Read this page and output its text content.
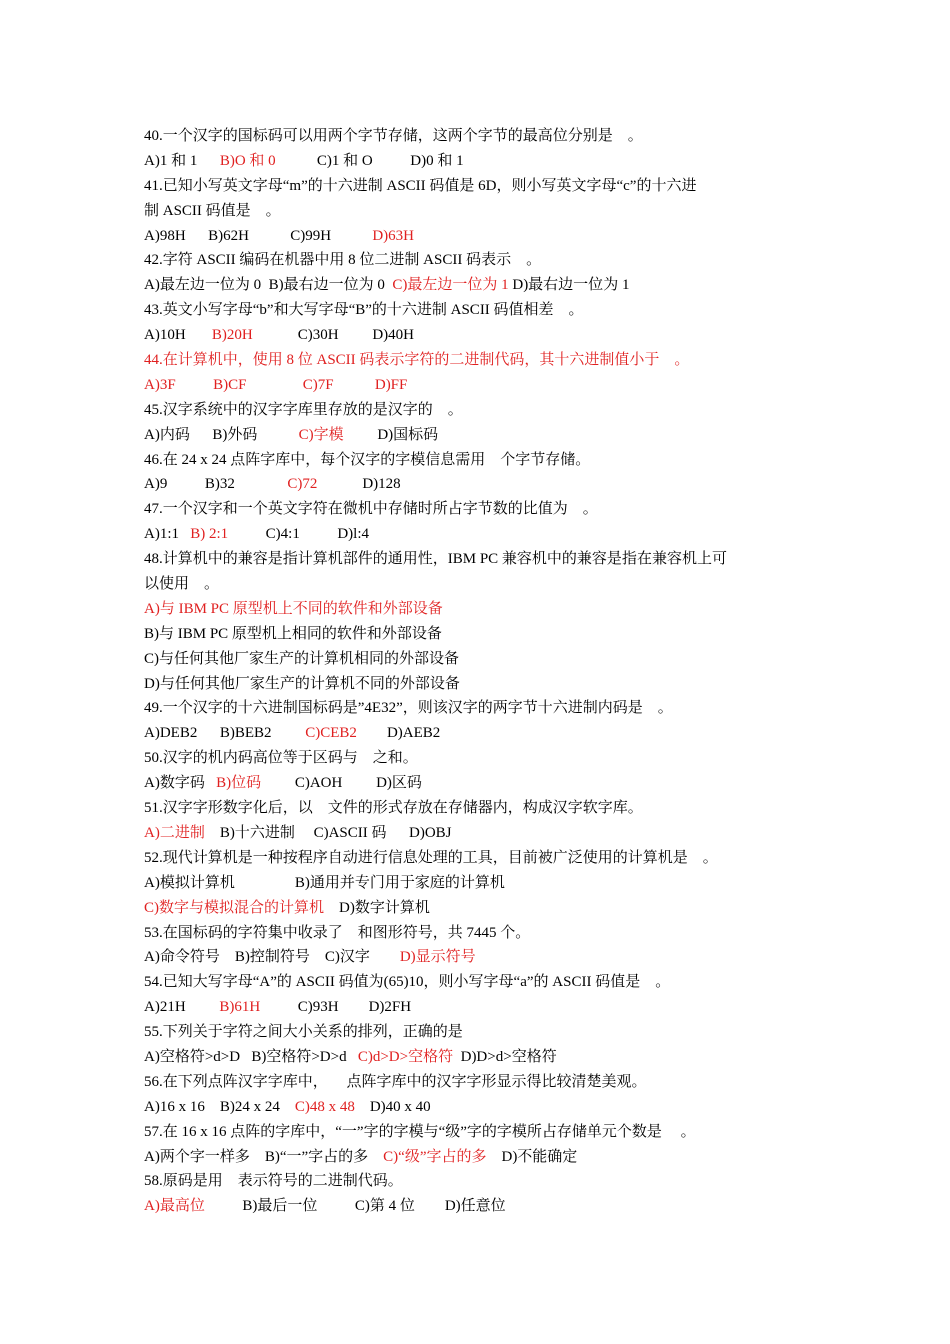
40.一个汉字的国标码可以用两个字节存储，这两个字节的最高位分别是    。
A)1 和 1      B)O 和 0           C)1 和 O          D)0 和 1
41.已知小写英文字母“m”的十六进制 ASCII 码值是 6D，则小写英文字母“c”的十六进
制 ASCII 码值是    。
A)98H      B)62H           C)99H           D)63H
42.字符 ASCII 编码在机器中用 8 位二进制 ASCII 码表示    。
A)最左边一位为 0  B)最右边一位为 0  C)最左边一位为 1 D)最右边一位为 1
43.英文小写字母“b”和大写字母“B”的十六进制 ASCII 码值相差    。
A)10H       B)20H            C)30H         D)40H
44.在计算机中，使用 8 位 ASCII 码表示字符的二进制代码，其十六进制值小于    。
A)3F          B)CF               C)7F           D)FF
45.汉字系统中的汉字字库里存放的是汉字的    。
A)内码      B)外码           C)字模         D)国标码
46.在 24 x 24 点阵字库中，每个汉字的字模信息需用    个字节存储。
A)9          B)32              C)72            D)128
47.一个汉字和一个英文字符在微机中存储时所占字节数的比值为    。
A)1:1   B) 2:1          C)4:1          D)l:4
48.计算机中的兼容是指计算机部件的通用性，IBM PC 兼容机中的兼容是指在兼容机上可
以使用    。
A)与 IBM PC 原型机上不同的软件和外部设备
B)与 IBM PC 原型机上相同的软件和外部设备
C)与任何其他厂家生产的计算机相同的外部设备
D)与任何其他厂家生产的计算机不同的外部设备
49.一个汉字的十六进制国标码是”4E32”，则该汉字的两字节十六进制内码是    。
A)DEB2      B)BEB2         C)CEB2        D)AEB2
50.汉字的机内码高位等于区码与    之和。
A)数字码   B)位码         C)AOH         D)区码
51.汉字字形数字化后，以    文件的形式存放在存储器内，构成汉字软字库。
A)二进制    B)十六进制     C)ASCII 码      D)OBJ
52.现代计算机是一种按程序自动进行信息处理的工具，目前被广泛使用的计算机是    。
A)模拟计算机                B)通用并专门用于家庭的计算机
C)数字与模拟混合的计算机    D)数字计算机
53.在国标码的字符集中收录了    和图形符号，共 7445 个。
A)命令符号    B)控制符号    C)汉字        D)显示符号
54.已知大写字母“A”的 ASCII 码值为(65)10，则小写字母“a”的 ASCII 码值是    。
A)21H         B)61H          C)93H        D)2FH
55.下列关于字符之间大小关系的排列，正确的是
A)空格符>d>D   B)空格符>D>d   C)d>D>空格符  D)D>d>空格符
56.在下列点阵汉字字库中，     点阵字库中的汉字字形显示得比较清楚美观。
A)16 x 16    B)24 x 24    C)48 x 48    D)40 x 40
57.在 16 x 16 点阵的字库中，“一”字的字模与“级”字的字模所占存储单元个数是     。
A)两个字一样多    B)“一”字占的多    C)“级”字占的多    D)不能确定
58.原码是用    表示符号的二进制代码。
A)最高位          B)最后一位          C)第 4 位        D)任意位
